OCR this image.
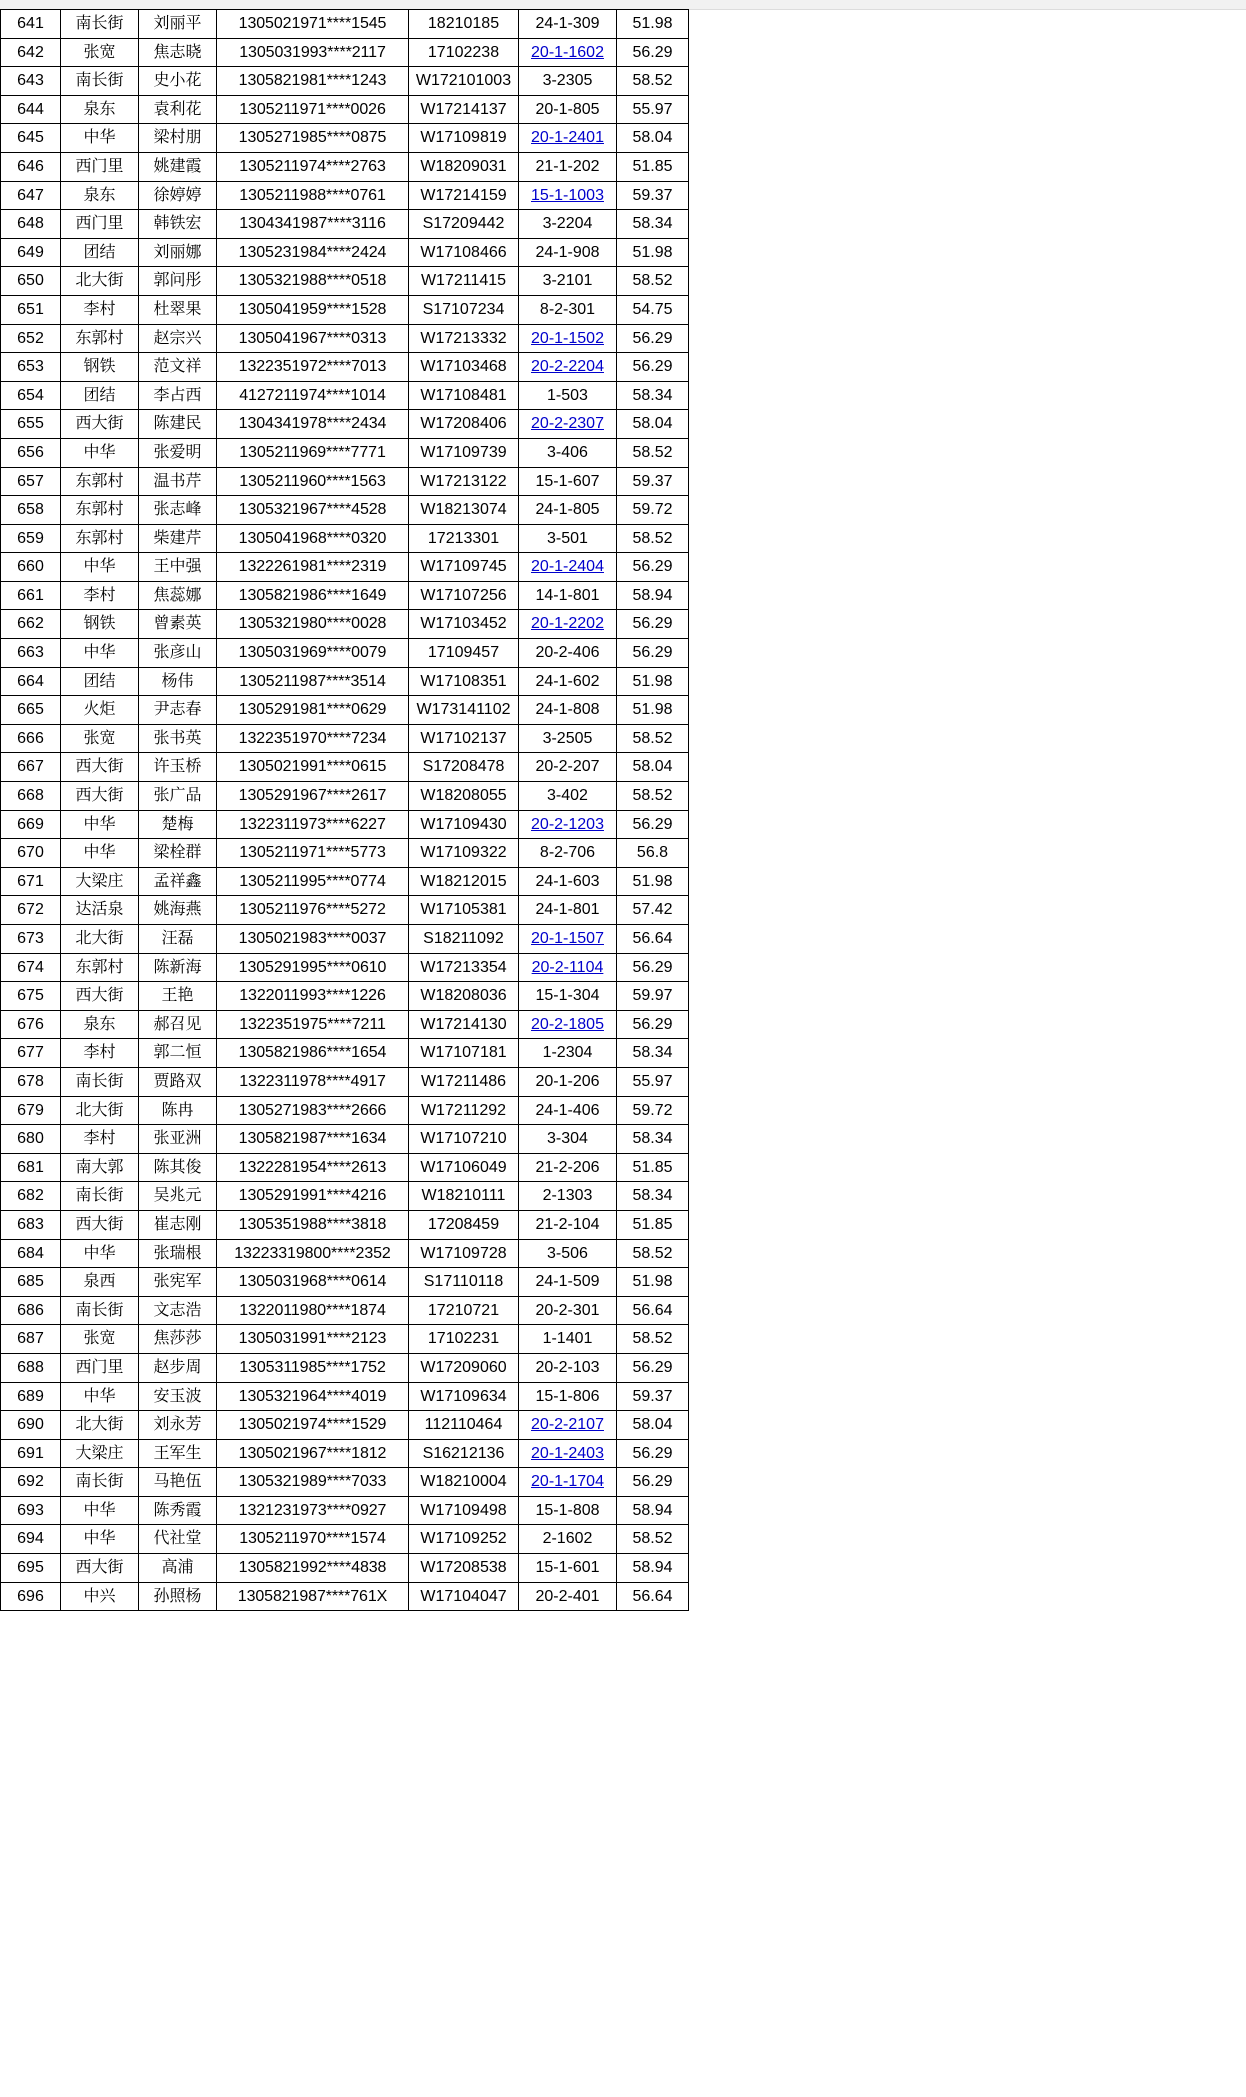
641	南长街	刘丽平	1305021971****1545	18210185	24-1-309	51.98
642	张宽	焦志晓	1305031993****2117	17102238	20-1-1602	56.29
643	南长街	史小花	1305821981****1243	W172101003	3-2305	58.52
644	泉东	袁利花	1305211971****0026	W17214137	20-1-805	55.97
645	中华	梁村朋	1305271985****0875	W17109819	20-1-2401	58.04
646	西门里	姚建霞	1305211974****2763	W18209031	21-1-202	51.85
647	泉东	徐婷婷	1305211988****0761	W17214159	15-1-1003	59.37
648	西门里	韩铁宏	1304341987****3116	S17209442	3-2204	58.34
649	团结	刘丽娜	1305231984****2424	W17108466	24-1-908	51.98
650	北大街	郭问彤	1305321988****0518	W17211415	3-2101	58.52
651	李村	杜翠果	1305041959****1528	S17107234	8-2-301	54.75
652	东郭村	赵宗兴	1305041967****0313	W17213332	20-1-1502	56.29
653	钢铁	范文祥	1322351972****7013	W17103468	20-2-2204	56.29
654	团结	李占西	4127211974****1014	W17108481	1-503	58.34
655	西大街	陈建民	1304341978****2434	W17208406	20-2-2307	58.04
656	中华	张爱明	1305211969****7771	W17109739	3-406	58.52
657	东郭村	温书芹	1305211960****1563	W17213122	15-1-607	59.37
658	东郭村	张志峰	1305321967****4528	W18213074	24-1-805	59.72
659	东郭村	柴建芹	1305041968****0320	17213301	3-501	58.52
660	中华	王中强	1322261981****2319	W17109745	20-1-2404	56.29
661	李村	焦蕊娜	1305821986****1649	W17107256	14-1-801	58.94
662	钢铁	曾素英	1305321980****0028	W17103452	20-1-2202	56.29
663	中华	张彦山	1305031969****0079	17109457	20-2-406	56.29
664	团结	杨伟	1305211987****3514	W17108351	24-1-602	51.98
665	火炬	尹志春	1305291981****0629	W173141102	24-1-808	51.98
666	张宽	张书英	1322351970****7234	W17102137	3-2505	58.52
667	西大街	许玉桥	1305021991****0615	S17208478	20-2-207	58.04
668	西大街	张广品	1305291967****2617	W18208055	3-402	58.52
669	中华	楚梅	1322311973****6227	W17109430	20-2-1203	56.29
670	中华	梁栓群	1305211971****5773	W17109322	8-2-706	56.8
671	大梁庄	孟祥鑫	1305211995****0774	W18212015	24-1-603	51.98
672	达活泉	姚海燕	1305211976****5272	W17105381	24-1-801	57.42
673	北大街	汪磊	1305021983****0037	S18211092	20-1-1507	56.64
674	东郭村	陈新海	1305291995****0610	W17213354	20-2-1104	56.29
675	西大街	王艳	1322011993****1226	W18208036	15-1-304	59.97
676	泉东	郝召见	1322351975****7211	W17214130	20-2-1805	56.29
677	李村	郭二恒	1305821986****1654	W17107181	1-2304	58.34
678	南长街	贾路双	1322311978****4917	W17211486	20-1-206	55.97
679	北大街	陈冉	1305271983****2666	W17211292	24-1-406	59.72
680	李村	张亚洲	1305821987****1634	W17107210	3-304	58.34
681	南大郭	陈其俊	1322281954****2613	W17106049	21-2-206	51.85
682	南长街	吴兆元	1305291991****4216	W18210111	2-1303	58.34
683	西大街	崔志刚	1305351988****3818	17208459	21-2-104	51.85
684	中华	张瑞根	13223319800****2352	W17109728	3-506	58.52
685	泉西	张宪军	1305031968****0614	S17110118	24-1-509	51.98
686	南长街	文志浩	1322011980****1874	17210721	20-2-301	56.64
687	张宽	焦莎莎	1305031991****2123	17102231	1-1401	58.52
688	西门里	赵步周	1305311985****1752	W17209060	20-2-103	56.29
689	中华	安玉波	1305321964****4019	W17109634	15-1-806	59.37
690	北大街	刘永芳	1305021974****1529	112110464	20-2-2107	58.04
691	大梁庄	王军生	1305021967****1812	S16212136	20-1-2403	56.29
692	南长街	马艳伍	1305321989****7033	W18210004	20-1-1704	56.29
693	中华	陈秀霞	1321231973****0927	W17109498	15-1-808	58.94
694	中华	代社堂	1305211970****1574	W17109252	2-1602	58.52
695	西大街	高浦	1305821992****4838	W17208538	15-1-601	58.94
696	中兴	孙照杨	1305821987****761X	W17104047	20-2-401	56.64
